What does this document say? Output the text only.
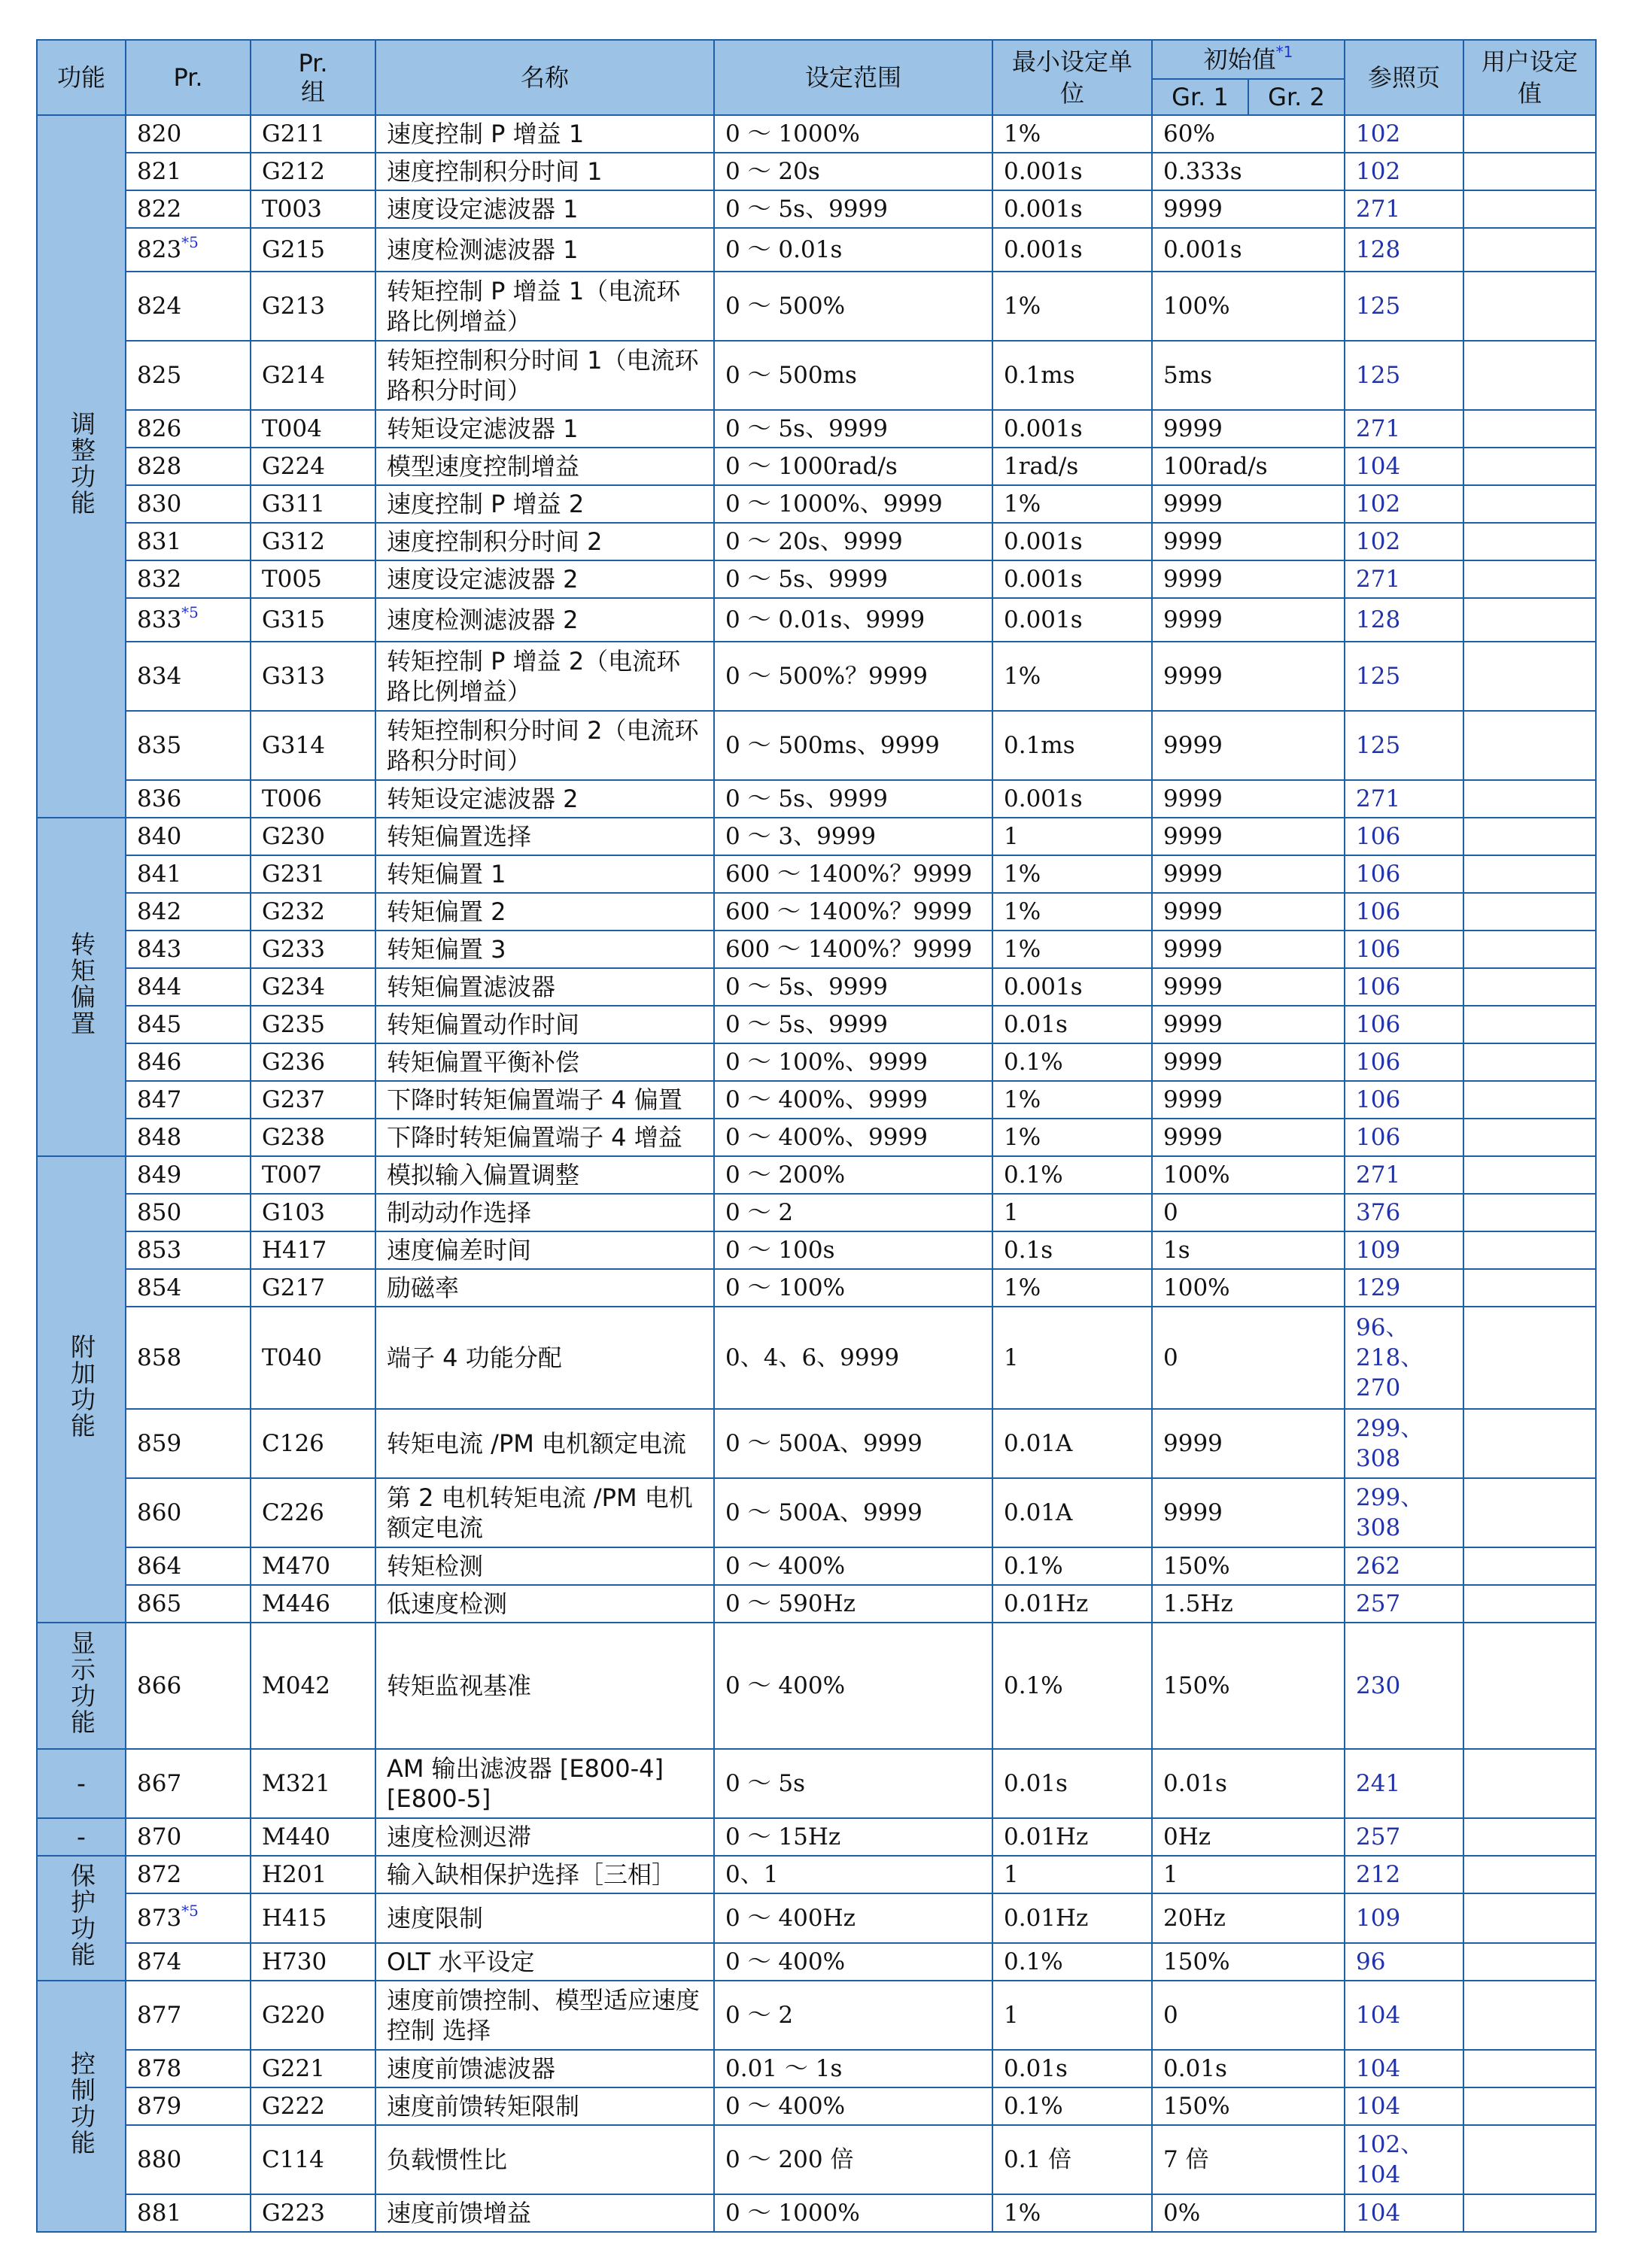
功能	Pr.	Pr.
组	名称	设定范围	最小设定单位	初始值$^{*1}$		参照页	用户设定值
						Gr. 1	Gr. 2		
调整功能	820	G211	速度控制 P 增益 1	0 ～ 1000%	1%	60%		102	
	821	G212	速度控制积分时间 1	0 ～ 20s	0.001s	0.333s		102	
	822	T003	速度设定滤波器 1	0 ～ 5s、9999	0.001s	9999		271	
	823$^{*5}$	G215	速度检测滤波器 1	0 ～ 0.01s	0.001s	0.001s		128	
	824	G213	转矩控制 P 增益 1（电流环路比例增益）	0 ～ 500%	1%	100%		125	
	825	G214	转矩控制积分时间 1（电流环路积分时间）	0 ～ 500ms	0.1ms	5ms		125	
	826	T004	转矩设定滤波器 1	0 ～ 5s、9999	0.001s	9999		271	
	828	G224	模型速度控制增益	0 ～ 1000rad/s	1rad/s	100rad/s		104	
	830	G311	速度控制 P 增益 2	0 ～ 1000%、9999	1%	9999		102	
	831	G312	速度控制积分时间 2	0 ～ 20s、9999	0.001s	9999		102	
	832	T005	速度设定滤波器 2	0 ～ 5s、9999	0.001s	9999		271	
	833$^{*5}$	G315	速度检测滤波器 2	0 ～ 0.01s、9999	0.001s	9999		128	
	834	G313	转矩控制 P 增益 2（电流环路比例增益）	0 ～ 500%？9999	1%	9999		125	
	835	G314	转矩控制积分时间 2（电流环路积分时间）	0 ～ 500ms、9999	0.1ms	9999		125	
	836	T006	转矩设定滤波器 2	0 ～ 5s、9999	0.001s	9999		271	
转矩偏置	840	G230	转矩偏置选择	0 ～ 3、9999	1	9999		106	
	841	G231	转矩偏置 1	600 ～ 1400%？9999	1%	9999		106	
	842	G232	转矩偏置 2	600 ～ 1400%？9999	1%	9999		106	
	843	G233	转矩偏置 3	600 ～ 1400%？9999	1%	9999		106	
	844	G234	转矩偏置滤波器	0 ～ 5s、9999	0.001s	9999		106	
	845	G235	转矩偏置动作时间	0 ～ 5s、9999	0.01s	9999		106	
	846	G236	转矩偏置平衡补偿	0 ～ 100%、9999	0.1%	9999		106	
	847	G237	下降时转矩偏置端子 4 偏置	0 ～ 400%、9999	1%	9999		106	
	848	G238	下降时转矩偏置端子 4 增益	0 ～ 400%、9999	1%	9999		106	
附加功能	849	T007	模拟输入偏置调整	0 ～ 200%	0.1%	100%		271	
	850	G103	制动动作选择	0 ～ 2	1	0		376	
	853	H417	速度偏差时间	0 ～ 100s	0.1s	1s		109	
	854	G217	励磁率	0 ～ 100%	1%	100%		129	
	858	T040	端子 4 功能分配	0、4、6、9999	1	0		96、218、270	
	859	C126	转矩电流 /PM 电机额定电流	0 ～ 500A、9999	0.01A	9999		299、308	
	860	C226	第 2 电机转矩电流 /PM 电机额定电流	0 ～ 500A、9999	0.01A	9999		299、308	
	864	M470	转矩检测	0 ～ 400%	0.1%	150%		262	
	865	M446	低速度检测	0 ～ 590Hz	0.01Hz	1.5Hz		257	
显示功能	866	M042	转矩监视基准	0 ～ 400%	0.1%	150%		230	
-	867	M321	AM 输出滤波器 [E800-4][E800-5]	0 ～ 5s	0.01s	0.01s		241	
-	870	M440	速度检测迟滞	0 ～ 15Hz	0.01Hz	0Hz		257	
保护功能	872	H201	输入缺相保护选择［三相］	0、1	1	1		212	
	873$^{*5}$	H415	速度限制	0 ～ 400Hz	0.01Hz	20Hz		109	
	874	H730	OLT 水平设定	0 ～ 400%	0.1%	150%		96	
控制功能	877	G220	速度前馈控制、模型适应速度控制 选择	0 ～ 2	1	0		104	
	878	G221	速度前馈滤波器	0.01 ～ 1s	0.01s	0.01s		104	
	879	G222	速度前馈转矩限制	0 ～ 400%	0.1%	150%		104	
	880	C114	负载惯性比	0 ～ 200 倍	0.1 倍	7 倍		102、104	
	881	G223	速度前馈增益	0 ～ 1000%	1%	0%		104	
